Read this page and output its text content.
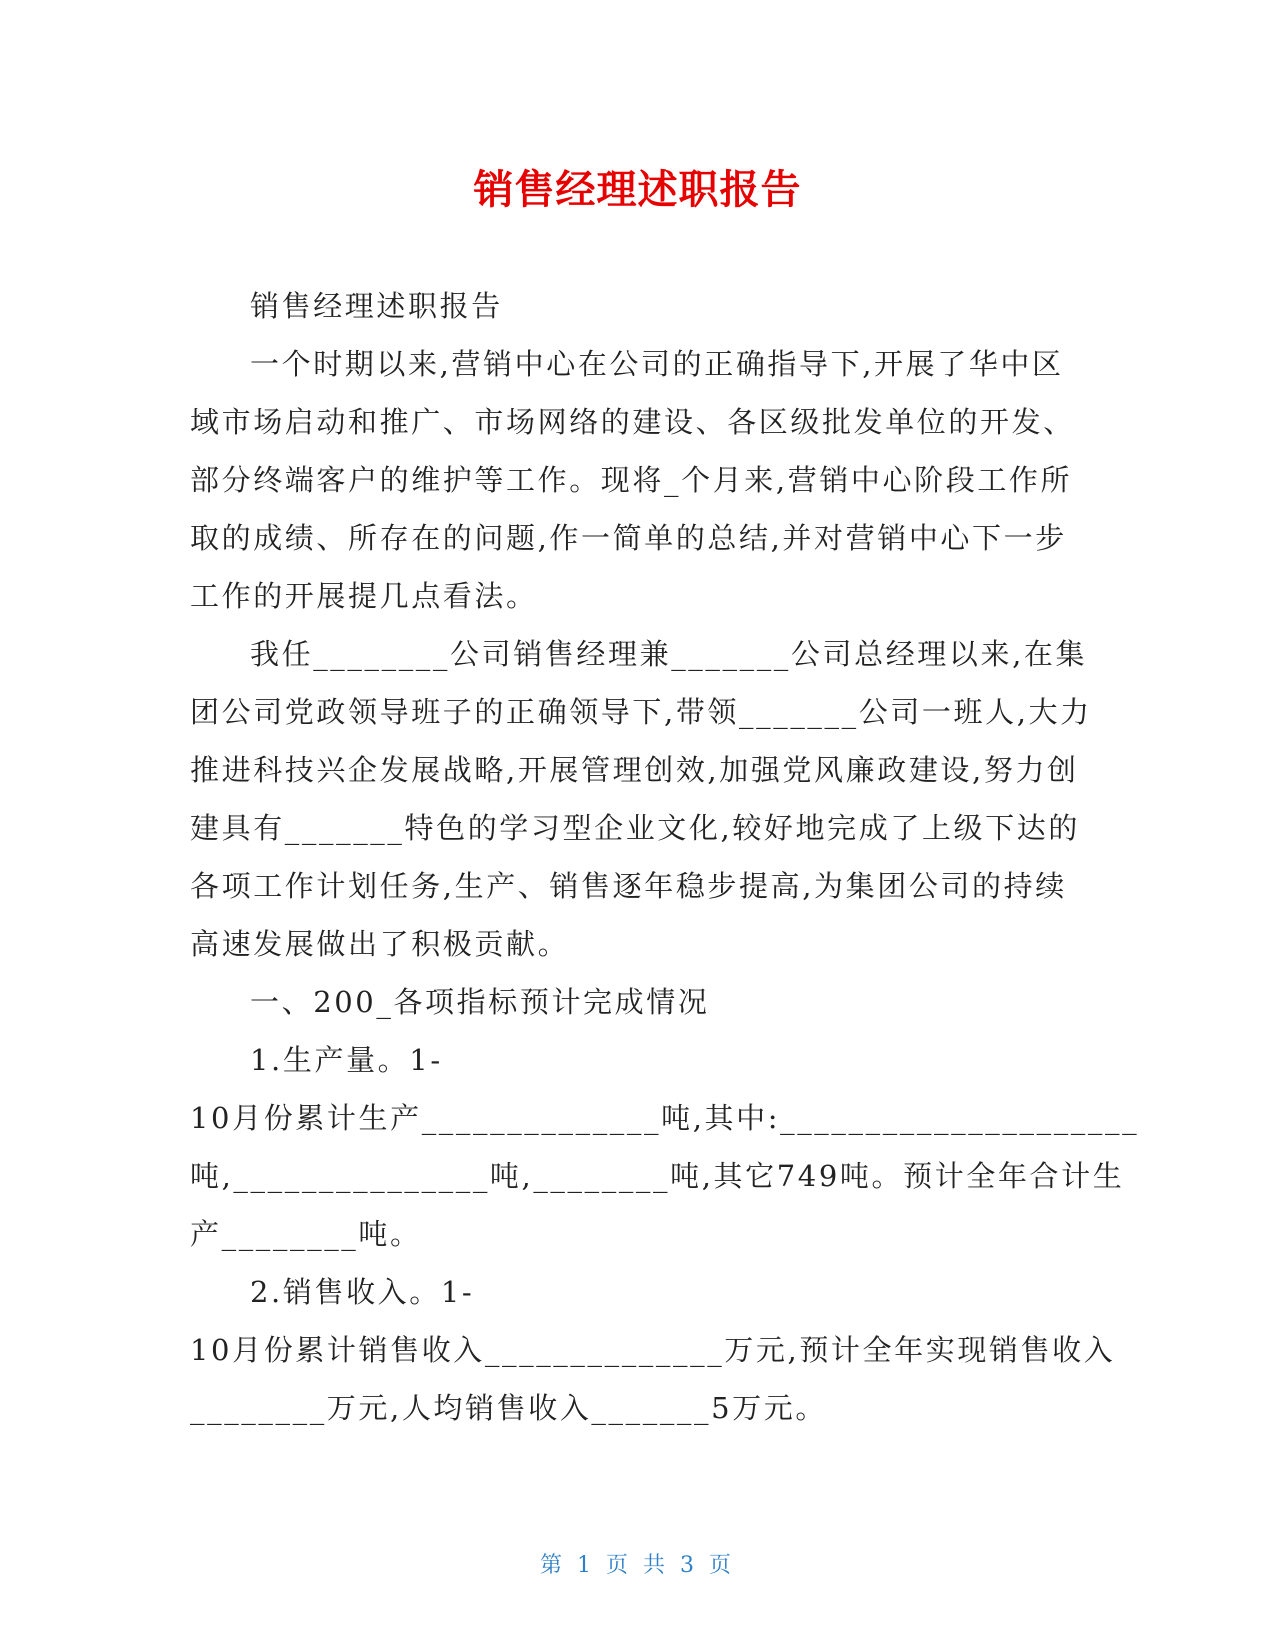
销售经理述职报告
销售经理述职报告
一个时期以来,营销中心在公司的正确指导下,开展了华中区
域市场启动和推广、市场网络的建设、各区级批发单位的开发、
部分终端客户的维护等工作。现将_个月来,营销中心阶段工作所
取的成绩、所存在的问题,作一简单的总结,并对营销中心下一步
工作的开展提几点看法。
我任________公司销售经理兼_______公司总经理以来,在集
团公司党政领导班子的正确领导下,带领_______公司一班人,大力
推进科技兴企发展战略,开展管理创效,加强党风廉政建设,努力创
建具有_______特色的学习型企业文化,较好地完成了上级下达的
各项工作计划任务,生产、销售逐年稳步提高,为集团公司的持续
高速发展做出了积极贡献。
一、200_各项指标预计完成情况
1.生产量。1-
10月份累计生产______________吨,其中:_____________________
吨,_______________吨,________吨,其它749吨。预计全年合计生
产________吨。
2.销售收入。1-
10月份累计销售收入______________万元,预计全年实现销售收入
________万元,人均销售收入_______5万元。
第 1 页 共 3 页
